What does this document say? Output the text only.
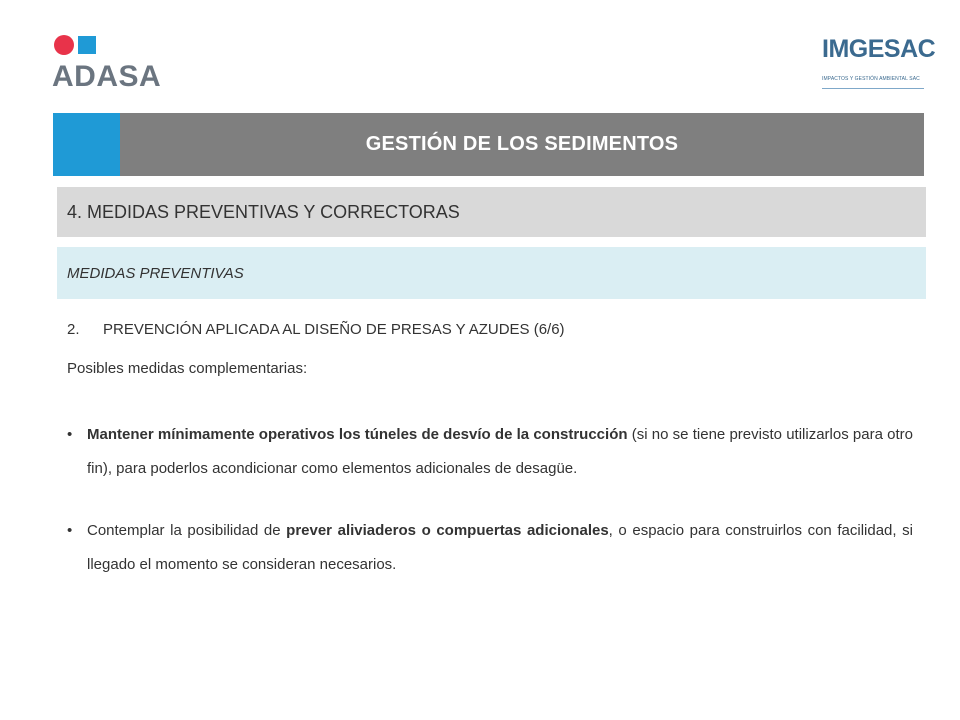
ADASA
IMGESAC
IMPACTOS Y GESTIÓN AMBIENTAL SAC
GESTIÓN DE LOS SEDIMENTOS
4. MEDIDAS PREVENTIVAS Y CORRECTORAS
MEDIDAS PREVENTIVAS
2. PREVENCIÓN APLICADA AL DISEÑO DE PRESAS Y AZUDES (6/6)
Posibles medidas complementarias:
• Mantener mínimamente operativos los túneles de desvío de la construcción (si no se tiene previsto utilizarlos para otro fin), para poderlos acondicionar como elementos adicionales de desagüe.
• Contemplar la posibilidad de prever aliviaderos o compuertas adicionales, o espacio para construirlos con facilidad, si llegado el momento se consideran necesarios.
